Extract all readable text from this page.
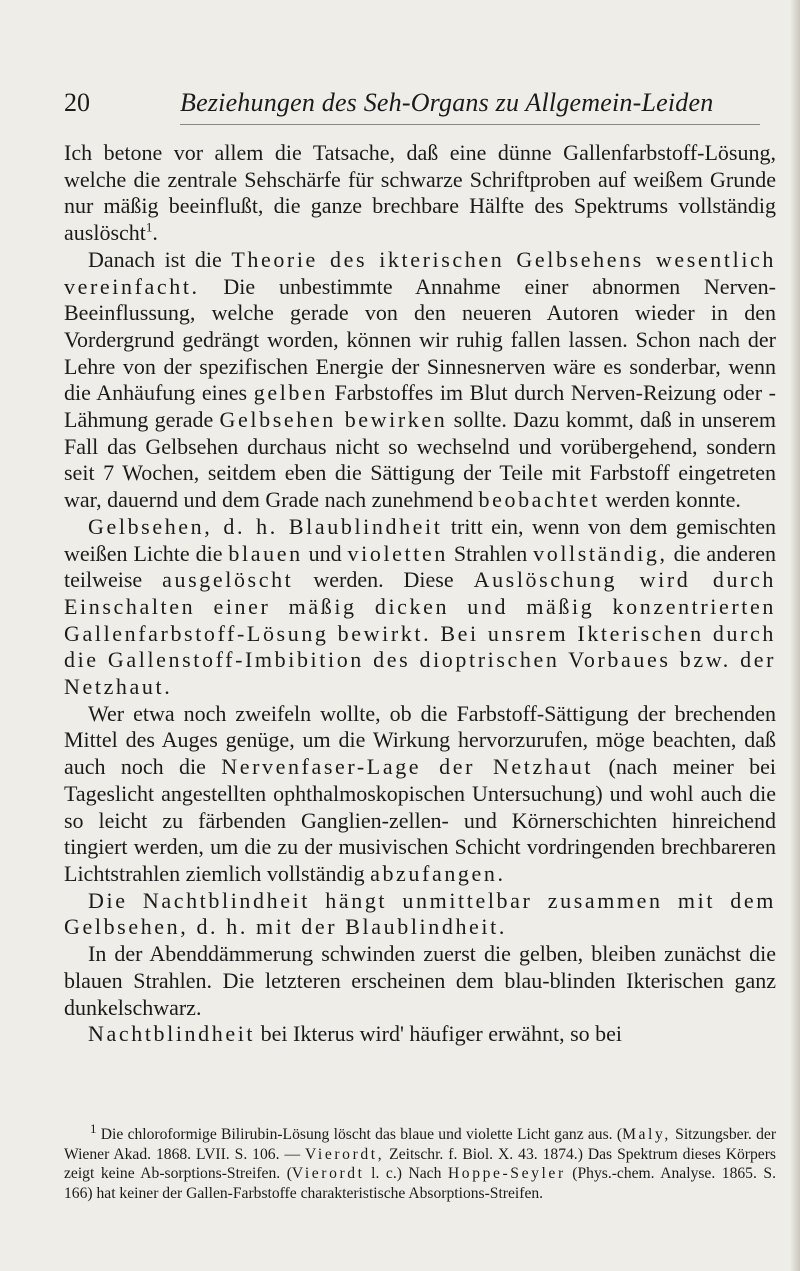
20	Beziehungen des Seh-Organs zu Allgemein-Leiden

Ich betone vor allem die Tatsache, daß eine dünne Gallenfarbstoff-Lösung, welche die zentrale Sehschärfe für schwarze Schriftproben auf weißem Grunde nur mäßig beeinflußt, die ganze brechbare Hälfte des Spektrums vollständig auslöscht$^1$.

Danach ist die Theorie des ikterischen Gelbsehens wesentlich vereinfacht. Die unbestimmte Annahme einer abnormen Nerven-Beeinflussung, welche gerade von den neueren Autoren wieder in den Vordergrund gedrängt worden, können wir ruhig fallen lassen. Schon nach der Lehre von der spezifischen Energie der Sinnesnerven wäre es sonderbar, wenn die Anhäufung eines gelben Farbstoffes im Blut durch Nerven-Reizung oder -Lähmung gerade Gelbsehen bewirken sollte. Dazu kommt, daß in unserem Fall das Gelbsehen durchaus nicht so wechselnd und vorübergehend, sondern seit 7 Wochen, seitdem eben die Sättigung der Teile mit Farbstoff eingetreten war, dauernd und dem Grade nach zunehmend beobachtet werden konnte.

Gelbsehen, d. h. Blaublindheit tritt ein, wenn von dem gemischten weißen Lichte die blauen und violetten Strahlen vollständig, die anderen teilweise ausgelöscht werden. Diese Auslöschung wird durch Einschalten einer mäßig dicken und mäßig konzentrierten Gallenfarbstoff-Lösung bewirkt. Bei unsrem Ikterischen durch die Gallenstoff-Imbibition des dioptrischen Vorbaues bzw. der Netzhaut.

Wer etwa noch zweifeln wollte, ob die Farbstoff-Sättigung der brechenden Mittel des Auges genüge, um die Wirkung hervorzurufen, möge beachten, daß auch noch die Nervenfaser-Lage der Netzhaut (nach meiner bei Tageslicht angestellten ophthalmoskopischen Untersuchung) und wohl auch die so leicht zu färbenden Ganglien-zellen- und Körnerschichten hinreichend tingiert werden, um die zu der musivischen Schicht vordringenden brechbareren Lichtstrahlen ziemlich vollständig abzufangen.

Die Nachtblindheit hängt unmittelbar zusammen mit dem Gelbsehen, d. h. mit der Blaublindheit.

In der Abenddämmerung schwinden zuerst die gelben, bleiben zunächst die blauen Strahlen. Die letzteren erscheinen dem blau-blinden Ikterischen ganz dunkelschwarz.

Nachtblindheit bei Ikterus wird' häufiger erwähnt, so bei

$^1$ Die chloroformige Bilirubin-Lösung löscht das blaue und violette Licht ganz aus. (Maly, Sitzungsber. der Wiener Akad. 1868. LVII. S. 106. — Vierordt, Zeitschr. f. Biol. X. 43. 1874.) Das Spektrum dieses Körpers zeigt keine Ab-sorptions-Streifen. (Vierordt l. c.) Nach Hoppe-Seyler (Phys.-chem. Analyse. 1865. S. 166) hat keiner der Gallen-Farbstoffe charakteristische Absorptions-Streifen.
